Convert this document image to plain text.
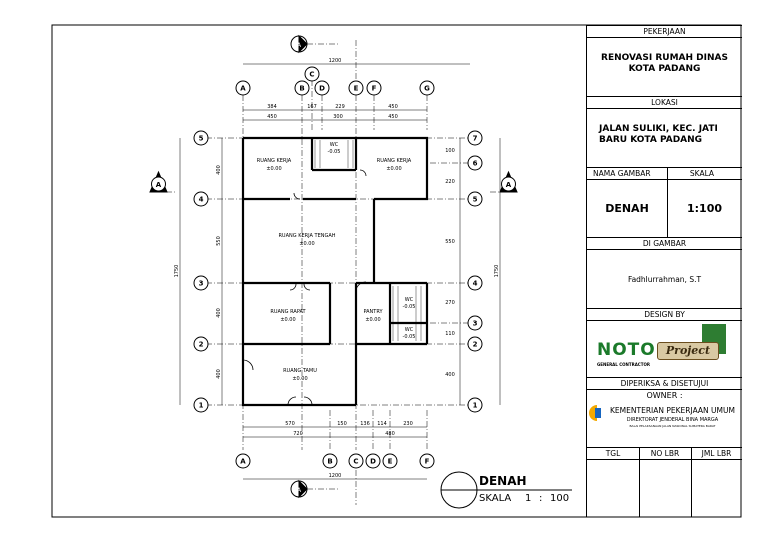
A	B
C
D	E F	G
A	B	C D E	F
5
4
3
2
1
7
6
5
4
3
2
1
A
A
A	A
1200
384	167	229	450
450	300	450
570	150	136 114	230
720	480
1200
400
550
400
400
1750
100
220
550
270
110
400
1750
RUANG KERJA
±0.00
WC
-0.05
RUANG KERJA
±0.00
RUANG KERJA TENGAH
±0.00
RUANG RAPAT
±0.00
PANTRY
±0.00
WC
-0.05
WC
-0.05
RUANG TAMU
±0.00
DENAH
SKALA 1 : 100
PEKERJAAN
RENOVASI RUMAH DINAS
KOTA PADANG
LOKASI
JALAN SULIKI, KEC. JATI
BARU KOTA PADANG
NAMA GAMBAR	SKALA
DENAH	1:100
DI GAMBAR
Fadhlurrahman, S.T
DESIGN BY
NOTO Project
GENERAL CONTRACTOR
DIPERIKSA & DISETUJUI
OWNER :
KEMENTERIAN PEKERJAAN UMUM
DIREKTORAT JENDERAL BINA MARGA
BALAI PELAKSANAAN JALAN NASIONAL SUMATERA BARAT
TGL	NO LBR	JML LBR
